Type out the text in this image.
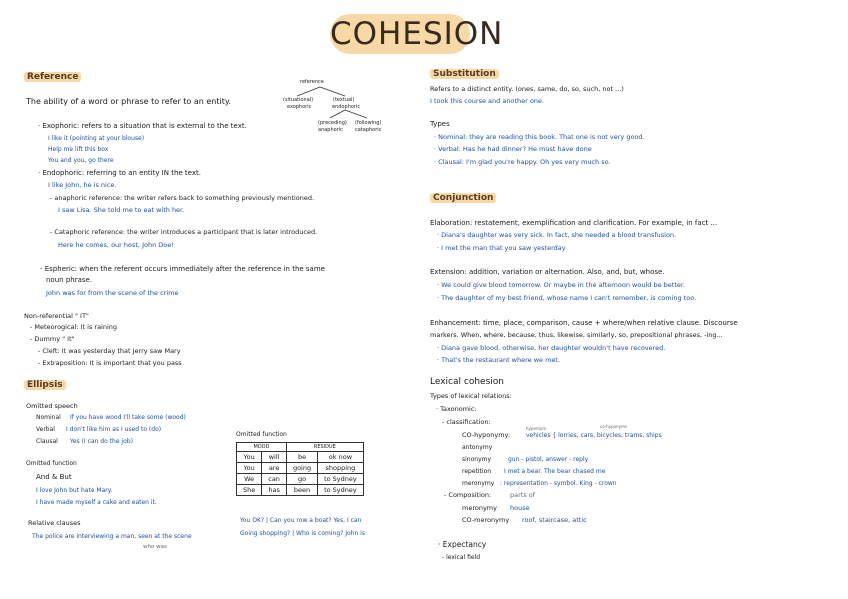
COHESION
Reference
The ability of a word or phrase to refer to an entity.
reference
(situational)
exophoric
(textual)
endophoric
(preceding)
anaphoric
(following)
cataphoric
· Exophoric: refers to a situation that is external to the text.
I like it (pointing at your blouse)
Help me lift this box
You and you, go there
· Endophoric: referring to an entity IN the text.
I like John, he is nice.
- anaphoric reference: the writer refers back to something previously mentioned.
I saw Lisa. She told me to eat with her.
- Cataphoric reference: the writer introduces a participant that is later introduced.
Here he comes, our host, John Doe!
- Espheric: when the referent occurs immediately after the reference in the same
noun phrase.
John was for from the scene of the crime
Non-referential " IT"
- Meteorogical: It is raining
- Dummy " it"
- Cleft: It was yesterday that Jerry saw Mary
- Extraposition: It is important that you pass
Ellipsis
Omitted speech
Nominal If you have wood I'll take some (wood)
Verbal I don't like him as I used to (do)
Clausal Yes (I can do the job)
Omitted function
And & But
I love John but hate Mary.
I have made myself a cake and eaten it.
Relative clauses
The police are interviewing a man, seen at the scene
who was
Omitted function
MOOD		RESIDUE	
You	will	be	ok now
You	are	going	shopping
We	can	go	to Sydney
She	has	been	to Sydney
You OK? | Can you row a boat? Yes, I can
Going shopping? | Who is coming? John is
Substitution
Refers to a distinct entity. (ones, same, do, so, such, not ...)
I took this course and another one.
Types
· Nominal: they are reading this book. That one is not very good.
· Verbal: Has he had dinner? He must have done
· Clausal: I'm glad you're happy. Oh yes very much so.
Conjunction
Elaboration: restatement, exemplification and clarification. For example, in fact ...
· Diana's daughter was very sick. In fact, she needed a blood transfusion.
· I met the man that you saw yesterday
Extension: addition, variation or alternation. Also, and, but, whose.
· We could give blood tomorrow. Or maybe in the afternoon would be better.
· The daughter of my best friend, whose name I can't remember, is coming too.
Enhancement: time, place, comparison, cause + where/when relative clause. Discourse
markers. When, where, because, thus, likewise, similarly, so, prepositional phrases, -ing...
· Diana gave blood, otherwise, her daughter wouldn't have recovered.
· That's the restaurant where we met.
Lexical cohesion
Types of lexical relations:
· Taxonomic:
- classification:
hypernym	co-hyponyms
CO-hyponymy:	vehicles { lorries, cars, bicycles, trams, ships
antonymy
sinonymy	gun - pistol, answer - reply
repetition I met a bear. The bear chased me
meronymy : representation - symbol. King - crown
- Composition:	parts of
meronymy house
CO-meronymy roof, staircase, attic
· Expectancy
- lexical field
